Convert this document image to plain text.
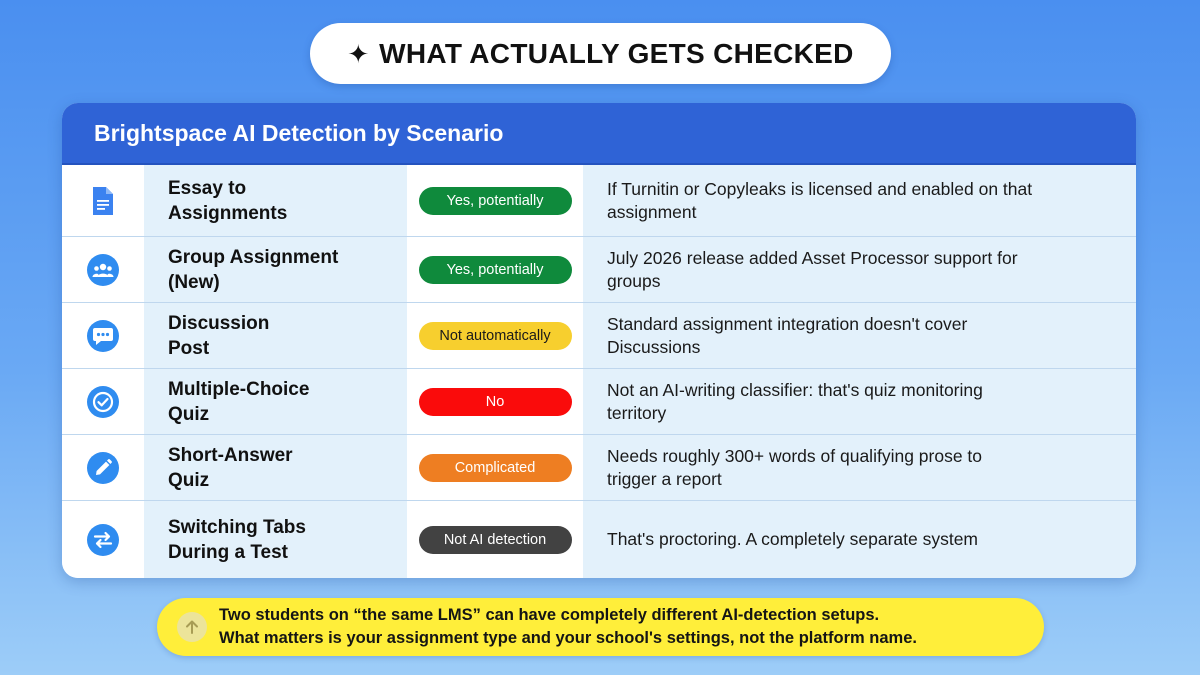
✦ WHAT ACTUALLY GETS CHECKED
Brightspace AI Detection by Scenario
Essay to
Assignments
Yes, potentially
If Turnitin or Copyleaks is licensed and enabled on that assignment
Group Assignment
(New)
Yes, potentially
July 2026 release added Asset Processor support for groups
Discussion
Post
Not automatically
Standard assignment integration doesn't cover Discussions
Multiple-Choice
Quiz
No
Not an AI-writing classifier: that's quiz monitoring territory
Short-Answer
Quiz
Complicated
Needs roughly 300+ words of qualifying prose to trigger a report
Switching Tabs
During a Test
Not AI detection	That's proctoring. A completely separate system
Two students on “the same LMS” can have completely different AI-detection setups.
What matters is your assignment type and your school's settings, not the platform name.
